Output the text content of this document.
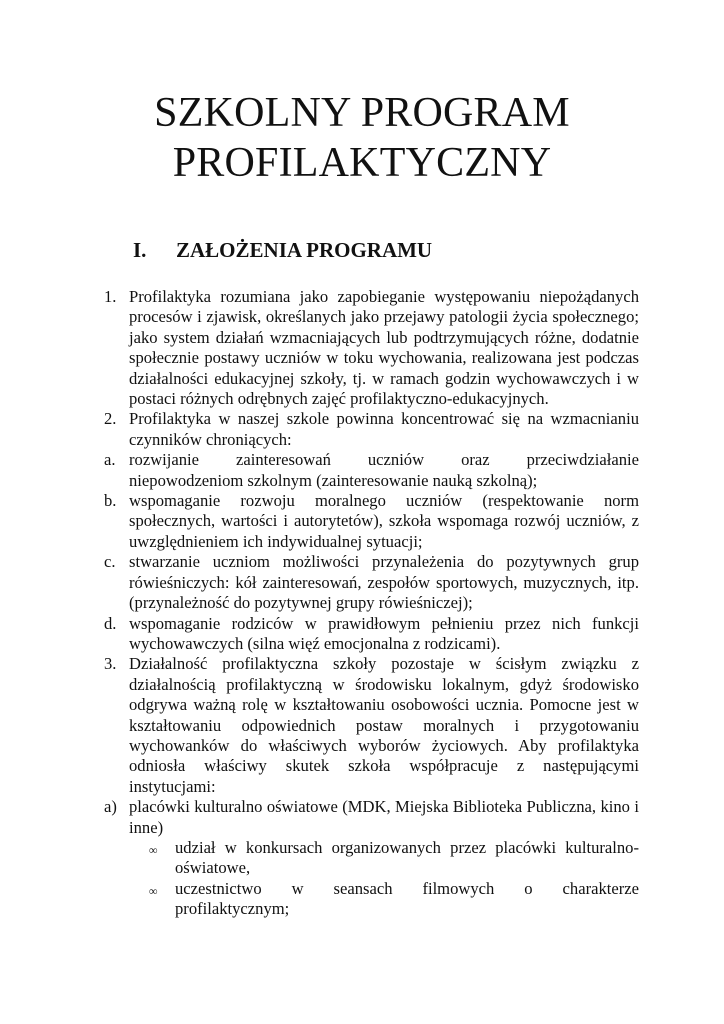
SZKOLNY PROGRAM
PROFILAKTYCZNY
I. ZAŁOŻENIA PROGRAMU
1. Profilaktyka rozumiana jako zapobieganie występowaniu niepożądanych procesów i zjawisk, określanych jako przejawy patologii życia społecznego; jako system działań wzmacniających lub podtrzymujących różne, dodatnie społecznie postawy uczniów w toku wychowania, realizowana jest podczas działalności edukacyjnej szkoły, tj. w ramach godzin wychowawczych i w postaci różnych odrębnych zajęć profilaktyczno-edukacyjnych.
2. Profilaktyka w naszej szkole powinna koncentrować się na wzmacnianiu czynników chroniących:
a. rozwijanie zainteresowań uczniów oraz przeciwdziałanie
niepowodzeniom szkolnym (zainteresowanie nauką szkolną);
b. wspomaganie rozwoju moralnego uczniów (respektowanie norm społecznych, wartości i autorytetów), szkoła wspomaga rozwój uczniów, z uwzględnieniem ich indywidualnej sytuacji;
c. stwarzanie uczniom możliwości przynależenia do pozytywnych grup rówieśniczych: kół zainteresowań, zespołów sportowych, muzycznych, itp. (przynależność do pozytywnej grupy rówieśniczej);
d. wspomaganie rodziców w prawidłowym pełnieniu przez nich funkcji wychowawczych (silna więź emocjonalna z rodzicami).
3. Działalność profilaktyczna szkoły pozostaje w ścisłym związku z działalnością profilaktyczną w środowisku lokalnym, gdyż środowisko odgrywa ważną rolę w kształtowaniu osobowości ucznia. Pomocne jest w kształtowaniu odpowiednich postaw moralnych i przygotowaniu wychowanków do właściwych wyborów życiowych. Aby profilaktyka odniosła właściwy skutek szkoła współpracuje z następującymi instytucjami:
a) placówki kulturalno oświatowe (MDK, Miejska Biblioteka Publiczna, kino i inne)
∞ udział w konkursach organizowanych przez placówki kulturalno-oświatowe,
∞ uczestnictwo w seansach filmowych o charakterze
profilaktycznym;
